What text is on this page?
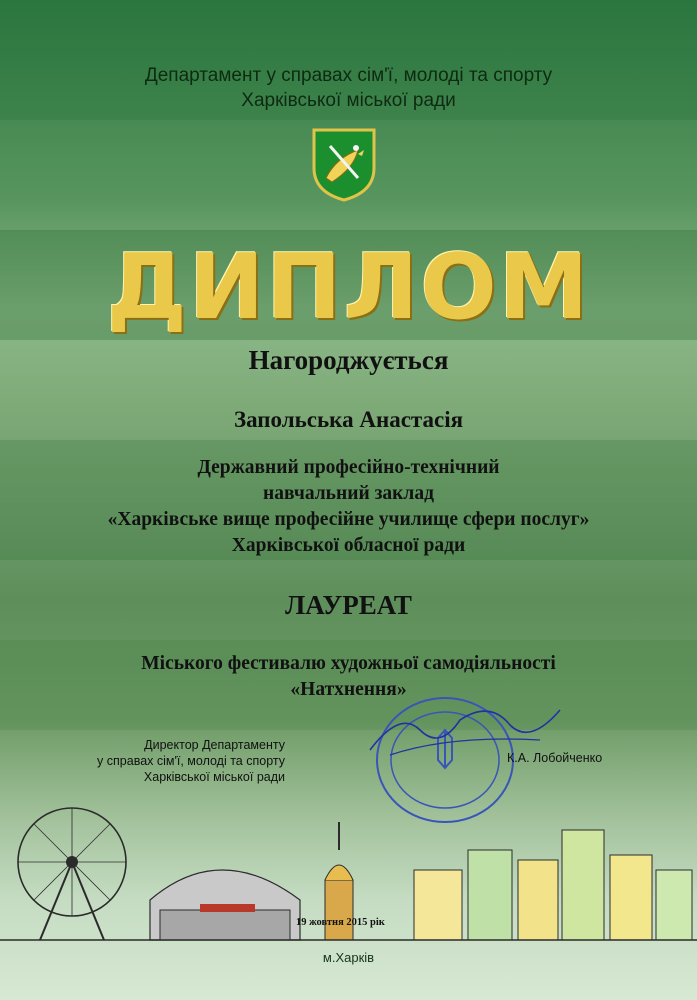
Департамент у справах сім'ї, молоді та спорту
Харківської міської ради
ДИПЛОМ
Нагороджується
Запольська Анастасія
Державний професійно-технічний
навчальний заклад
«Харківське вище професійне училище сфери послуг»
Харківської обласної ради
ЛАУРЕАТ
Міського фестивалю художньої самодіяльності
«Натхнення»
Директор Департаменту
у справах сім'ї, молоді та спорту
Харківської міської ради
К.А. Лобойченко
19 жовтня 2015 рік
м.Харків
